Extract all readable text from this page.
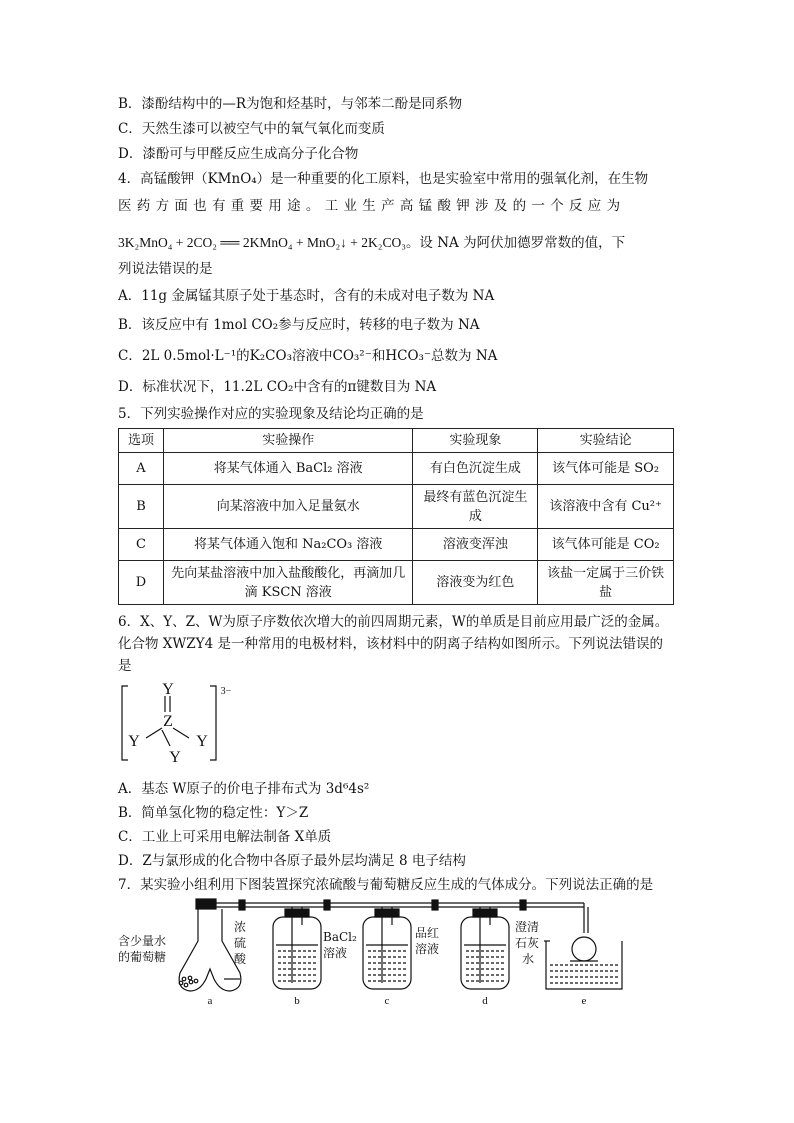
B．漆酚结构中的—R为饱和烃基时，与邻苯二酚是同系物
C．天然生漆可以被空气中的氧气氧化而变质
D．漆酚可与甲醛反应生成高分子化合物
4．高锰酸钾（KMnO₄）是一种重要的化工原料，也是实验室中常用的强氧化剂，在生物
医 药 方 面 也 有 重 要 用 途 。 工 业 生 产 高 锰 酸 钾 涉 及 的 一 个 反 应 为
3K₂MnO₄ + 2CO₂ ══ 2KMnO₄ + MnO₂↓ + 2K₂CO₃。设 NA 为阿伏加德罗常数的值，下
列说法错误的是
A．11g 金属锰其原子处于基态时，含有的未成对电子数为 NA
B．该反应中有 1mol CO₂参与反应时，转移的电子数为 NA
C．2L 0.5mol·L⁻¹的K₂CO₃溶液中CO₃²⁻和HCO₃⁻总数为 NA
D．标准状况下，11.2L CO₂中含有的π键数目为 NA
5．下列实验操作对应的实验现象及结论均正确的是
选项	实验操作	实验现象	实验结论
A	将某气体通入 BaCl₂ 溶液	有白色沉淀生成	该气体可能是 SO₂
B	向某溶液中加入足量氨水	最终有蓝色沉淀生成	该溶液中含有 Cu²⁺
C	将某气体通入饱和 Na₂CO₃ 溶液	溶液变浑浊	该气体可能是 CO₂
D	先向某盐溶液中加入盐酸酸化，再滴加几滴 KSCN 溶液	溶液变为红色	该盐一定属于三价铁盐
6．X、Y、Z、W为原子序数依次增大的前四周期元素，W的单质是目前应用最广泛的金属。
化合物 XWZY4 是一种常用的电极材料，该材料中的阴离子结构如图所示。下列说法错误的
是
Y
Z
Y	Y
Y
3−
A．基态 W原子的价电子排布式为 3d⁶4s²
B．简单氢化物的稳定性：Y＞Z
C．工业上可采用电解法制备 X单质
D．Z与氯形成的化合物中各原子最外层均满足 8 电子结构
7．某实验小组利用下图装置探究浓硫酸与葡萄糖反应生成的气体成分。下列说法正确的是
含少量水
的葡萄糖
浓
硫
酸
BaCl₂
溶液
品红
溶液
澄清
石灰
水
a	b	c	d	e
